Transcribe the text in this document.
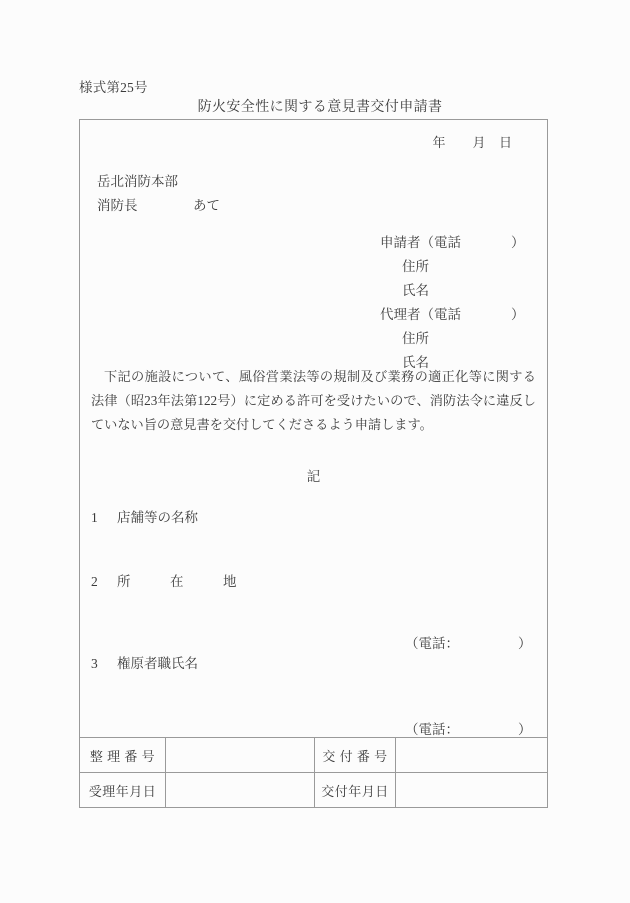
様式第25号
防火安全性に関する意見書交付申請書
年 月 日
岳北消防本部
消防長	あて
申請者（電話	）
住所
氏名
代理者（電話	）
住所
氏名
下記の施設について、風俗営業法等の規制及び業務の適正化等に関する法律（昭23年法第122号）に定める許可を受けたいので、消防法令に違反していない旨の意見書を交付してくださるよう申請します。
記
1 店舗等の名称
2 所　在　地
3 権原者職氏名
（電話：	）
（電話：	）
整 理 番 号		交 付 番 号	
受理年月日		交付年月日	
